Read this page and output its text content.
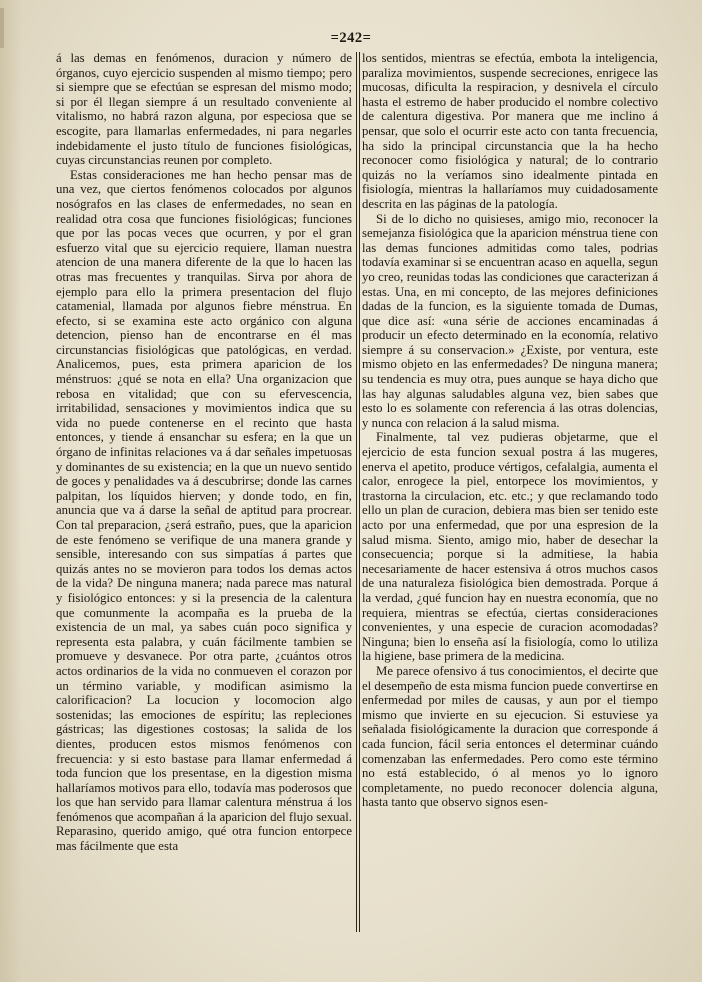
=242=

á las demas en fenómenos, duracion y número de órganos, cuyo ejercicio suspenden al mismo tiempo; pero si siempre que se efectúan se espresan del mismo modo; si por él llegan siempre á un resultado conveniente al vitalismo, no habrá razon alguna, por especiosa que se escogite, para llamarlas enfermedades, ni para negarles indebidamente el justo título de funciones fisiológicas, cuyas circunstancias reunen por completo.

Estas consideraciones me han hecho pensar mas de una vez, que ciertos fenómenos colocados por algunos nosógrafos en las clases de enfermedades, no sean en realidad otra cosa que funciones fisiológicas; funciones que por las pocas veces que ocurren, y por el gran esfuerzo vital que su ejercicio requiere, llaman nuestra atencion de una manera diferente de la que lo hacen las otras mas frecuentes y tranquilas. Sirva por ahora de ejemplo para ello la primera presentacion del flujo catamenial, llamada por algunos fiebre ménstrua. En efecto, si se examina este acto orgánico con alguna detencion, pienso han de encontrarse en él mas circunstancias fisiológicas que patológicas, en verdad. Analicemos, pues, esta primera aparicion de los ménstruos: ¿qué se nota en ella? Una organizacion que rebosa en vitalidad; que con su efervescencia, irritabilidad, sensaciones y movimientos indica que su vida no puede contenerse en el recinto que hasta entonces, y tiende á ensanchar su esfera; en la que un órgano de infinitas relaciones va á dar señales impetuosas y dominantes de su existencia; en la que un nuevo sentido de goces y penalidades va á descubrirse; donde las carnes palpitan, los líquidos hierven; y donde todo, en fin, anuncia que va á darse la señal de aptitud para procrear. Con tal preparacion, ¿será estraño, pues, que la aparicion de este fenómeno se verifique de una manera grande y sensible, interesando con sus simpatías á partes que quizás antes no se movieron para todos los demas actos de la vida? De ninguna manera; nada parece mas natural y fisiológico entonces: y si la presencia de la calentura que comunmente la acompaña es la prueba de la existencia de un mal, ya sabes cuán poco significa y representa esta palabra, y cuán fácilmente tambien se promueve y desvanece. Por otra parte, ¿cuántos otros actos ordinarios de la vida no conmueven el corazon por un término variable, y modifican asimismo la calorificacion? La locucion y locomocion algo sostenidas; las emociones de espíritu; las repleciones gástricas; las digestiones costosas; la salida de los dientes, producen estos mismos fenómenos con frecuencia: y si esto bastase para llamar enfermedad á toda funcion que los presentase, en la digestion misma hallaríamos motivos para ello, todavía mas poderosos que los que han servido para llamar calentura ménstrua á los fenómenos que acompañan á la aparicion del flujo sexual. Reparasino, querido amigo, qué otra funcion entorpece mas fácilmente que esta

los sentidos, mientras se efectúa, embota la inteligencia, paraliza movimientos, suspende secreciones, enrigece las mucosas, dificulta la respiracion, y desnivela el círculo hasta el estremo de haber producido el nombre colectivo de calentura digestiva. Por manera que me inclino á pensar, que solo el ocurrir este acto con tanta frecuencia, ha sido la principal circunstancia que la ha hecho reconocer como fisiológica y natural; de lo contrario quizás no la veríamos sino idealmente pintada en fisiología, mientras la hallaríamos muy cuidadosamente descrita en las páginas de la patología.

Si de lo dicho no quisieses, amigo mio, reconocer la semejanza fisiológica que la aparicion ménstrua tiene con las demas funciones admitidas como tales, podrias todavía examinar si se encuentran acaso en aquella, segun yo creo, reunidas todas las condiciones que caracterizan á estas. Una, en mi concepto, de las mejores definiciones dadas de la funcion, es la siguiente tomada de Dumas, que dice así: «una série de acciones encaminadas á producir un efecto determinado en la economía, relativo siempre á su conservacion.» ¿Existe, por ventura, este mismo objeto en las enfermedades? De ninguna manera; su tendencia es muy otra, pues aunque se haya dicho que las hay algunas saludables alguna vez, bien sabes que esto lo es solamente con referencia á las otras dolencias, y nunca con relacion á la salud misma.

Finalmente, tal vez pudieras objetarme, que el ejercicio de esta funcion sexual postra á las mugeres, enerva el apetito, produce vértigos, cefalalgia, aumenta el calor, enrogece la piel, entorpece los movimientos, y trastorna la circulacion, etc. etc.; y que reclamando todo ello un plan de curacion, debiera mas bien ser tenido este acto por una enfermedad, que por una espresion de la salud misma. Siento, amigo mio, haber de desechar la consecuencia; porque si la admitiese, la habia necesariamente de hacer estensiva á otros muchos casos de una naturaleza fisiológica bien demostrada. Porque á la verdad, ¿qué funcion hay en nuestra economía, que no requiera, mientras se efectúa, ciertas consideraciones convenientes, y una especie de curacion acomodadas? Ninguna; bien lo enseña así la fisiología, como lo utiliza la higiene, base primera de la medicina.

Me parece ofensivo á tus conocimientos, el decirte que el desempeño de esta misma funcion puede convertirse en enfermedad por miles de causas, y aun por el tiempo mismo que invierte en su ejecucion. Si estuviese ya señalada fisiológicamente la duracion que corresponde á cada funcion, fácil seria entonces el determinar cuándo comenzaban las enfermedades. Pero como este término no está establecido, ó al menos yo lo ignoro completamente, no puedo reconocer dolencia alguna, hasta tanto que observo signos esen-
